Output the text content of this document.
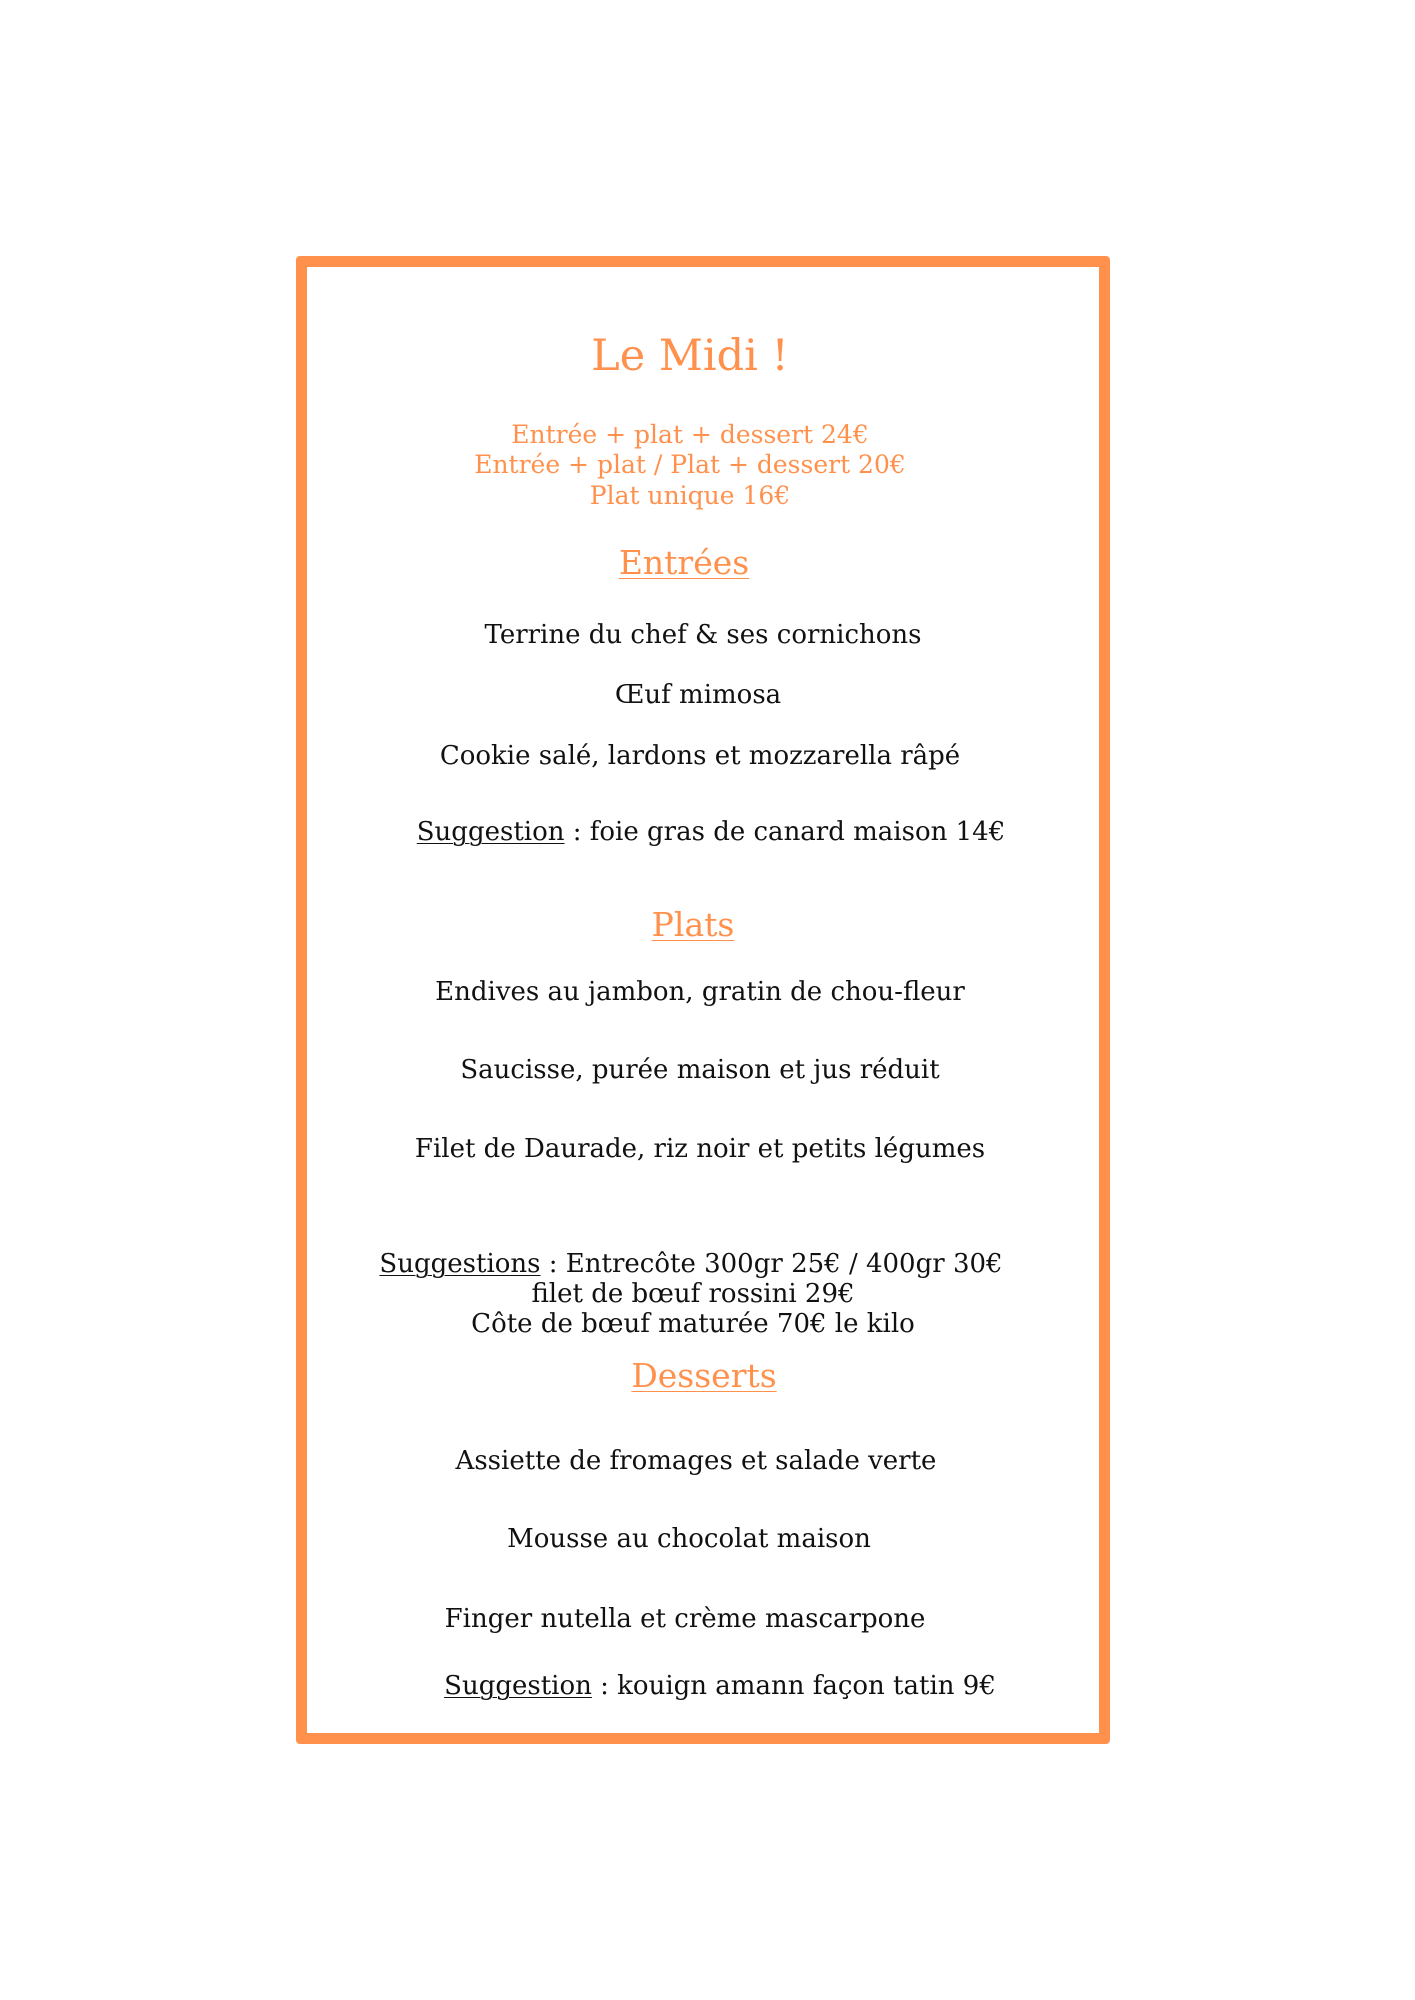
Le Midi !
Entrée + plat + dessert 24€
Entrée + plat / Plat + dessert 20€
Plat unique 16€
Entrées
Terrine du chef & ses cornichons
Œuf mimosa
Cookie salé, lardons et mozzarella râpé
Suggestion : foie gras de canard maison 14€
Plats
Endives au jambon, gratin de chou-fleur
Saucisse, purée maison et jus réduit
Filet de Daurade, riz noir et petits légumes
Suggestions : Entrecôte 300gr 25€ / 400gr 30€
filet de bœuf rossini 29€
Côte de bœuf maturée 70€ le kilo
Desserts
Assiette de fromages et salade verte
Mousse au chocolat maison
Finger nutella et crème mascarpone
Suggestion : kouign amann façon tatin 9€
